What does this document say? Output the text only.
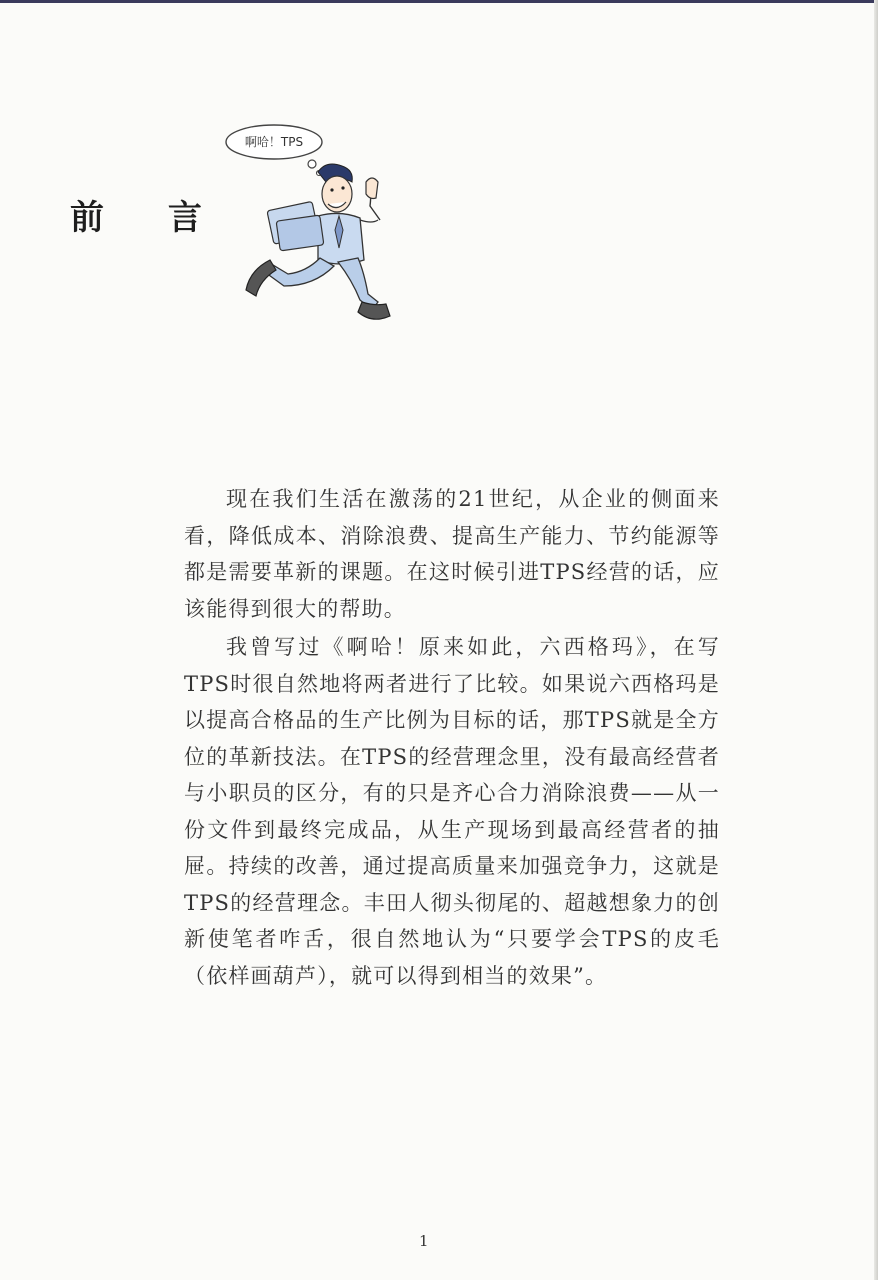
前 言
啊哈！TPS

现在我们生活在激荡的21世纪，从企业的侧面来看，降低成本、消除浪费、提高生产能力、节约能源等都是需要革新的课题。在这时候引进TPS经营的话，应该能得到很大的帮助。

我曾写过《啊哈！原来如此，六西格玛》，在写TPS时很自然地将两者进行了比较。如果说六西格玛是以提高合格品的生产比例为目标的话，那TPS就是全方位的革新技法。在TPS的经营理念里，没有最高经营者与小职员的区分，有的只是齐心合力消除浪费——从一份文件到最终完成品，从生产现场到最高经营者的抽屉。持续的改善，通过提高质量来加强竞争力，这就是TPS的经营理念。丰田人彻头彻尾的、超越想象力的创新使笔者咋舌，很自然地认为“只要学会TPS的皮毛（依样画葫芦），就可以得到相当的效果”。

1
